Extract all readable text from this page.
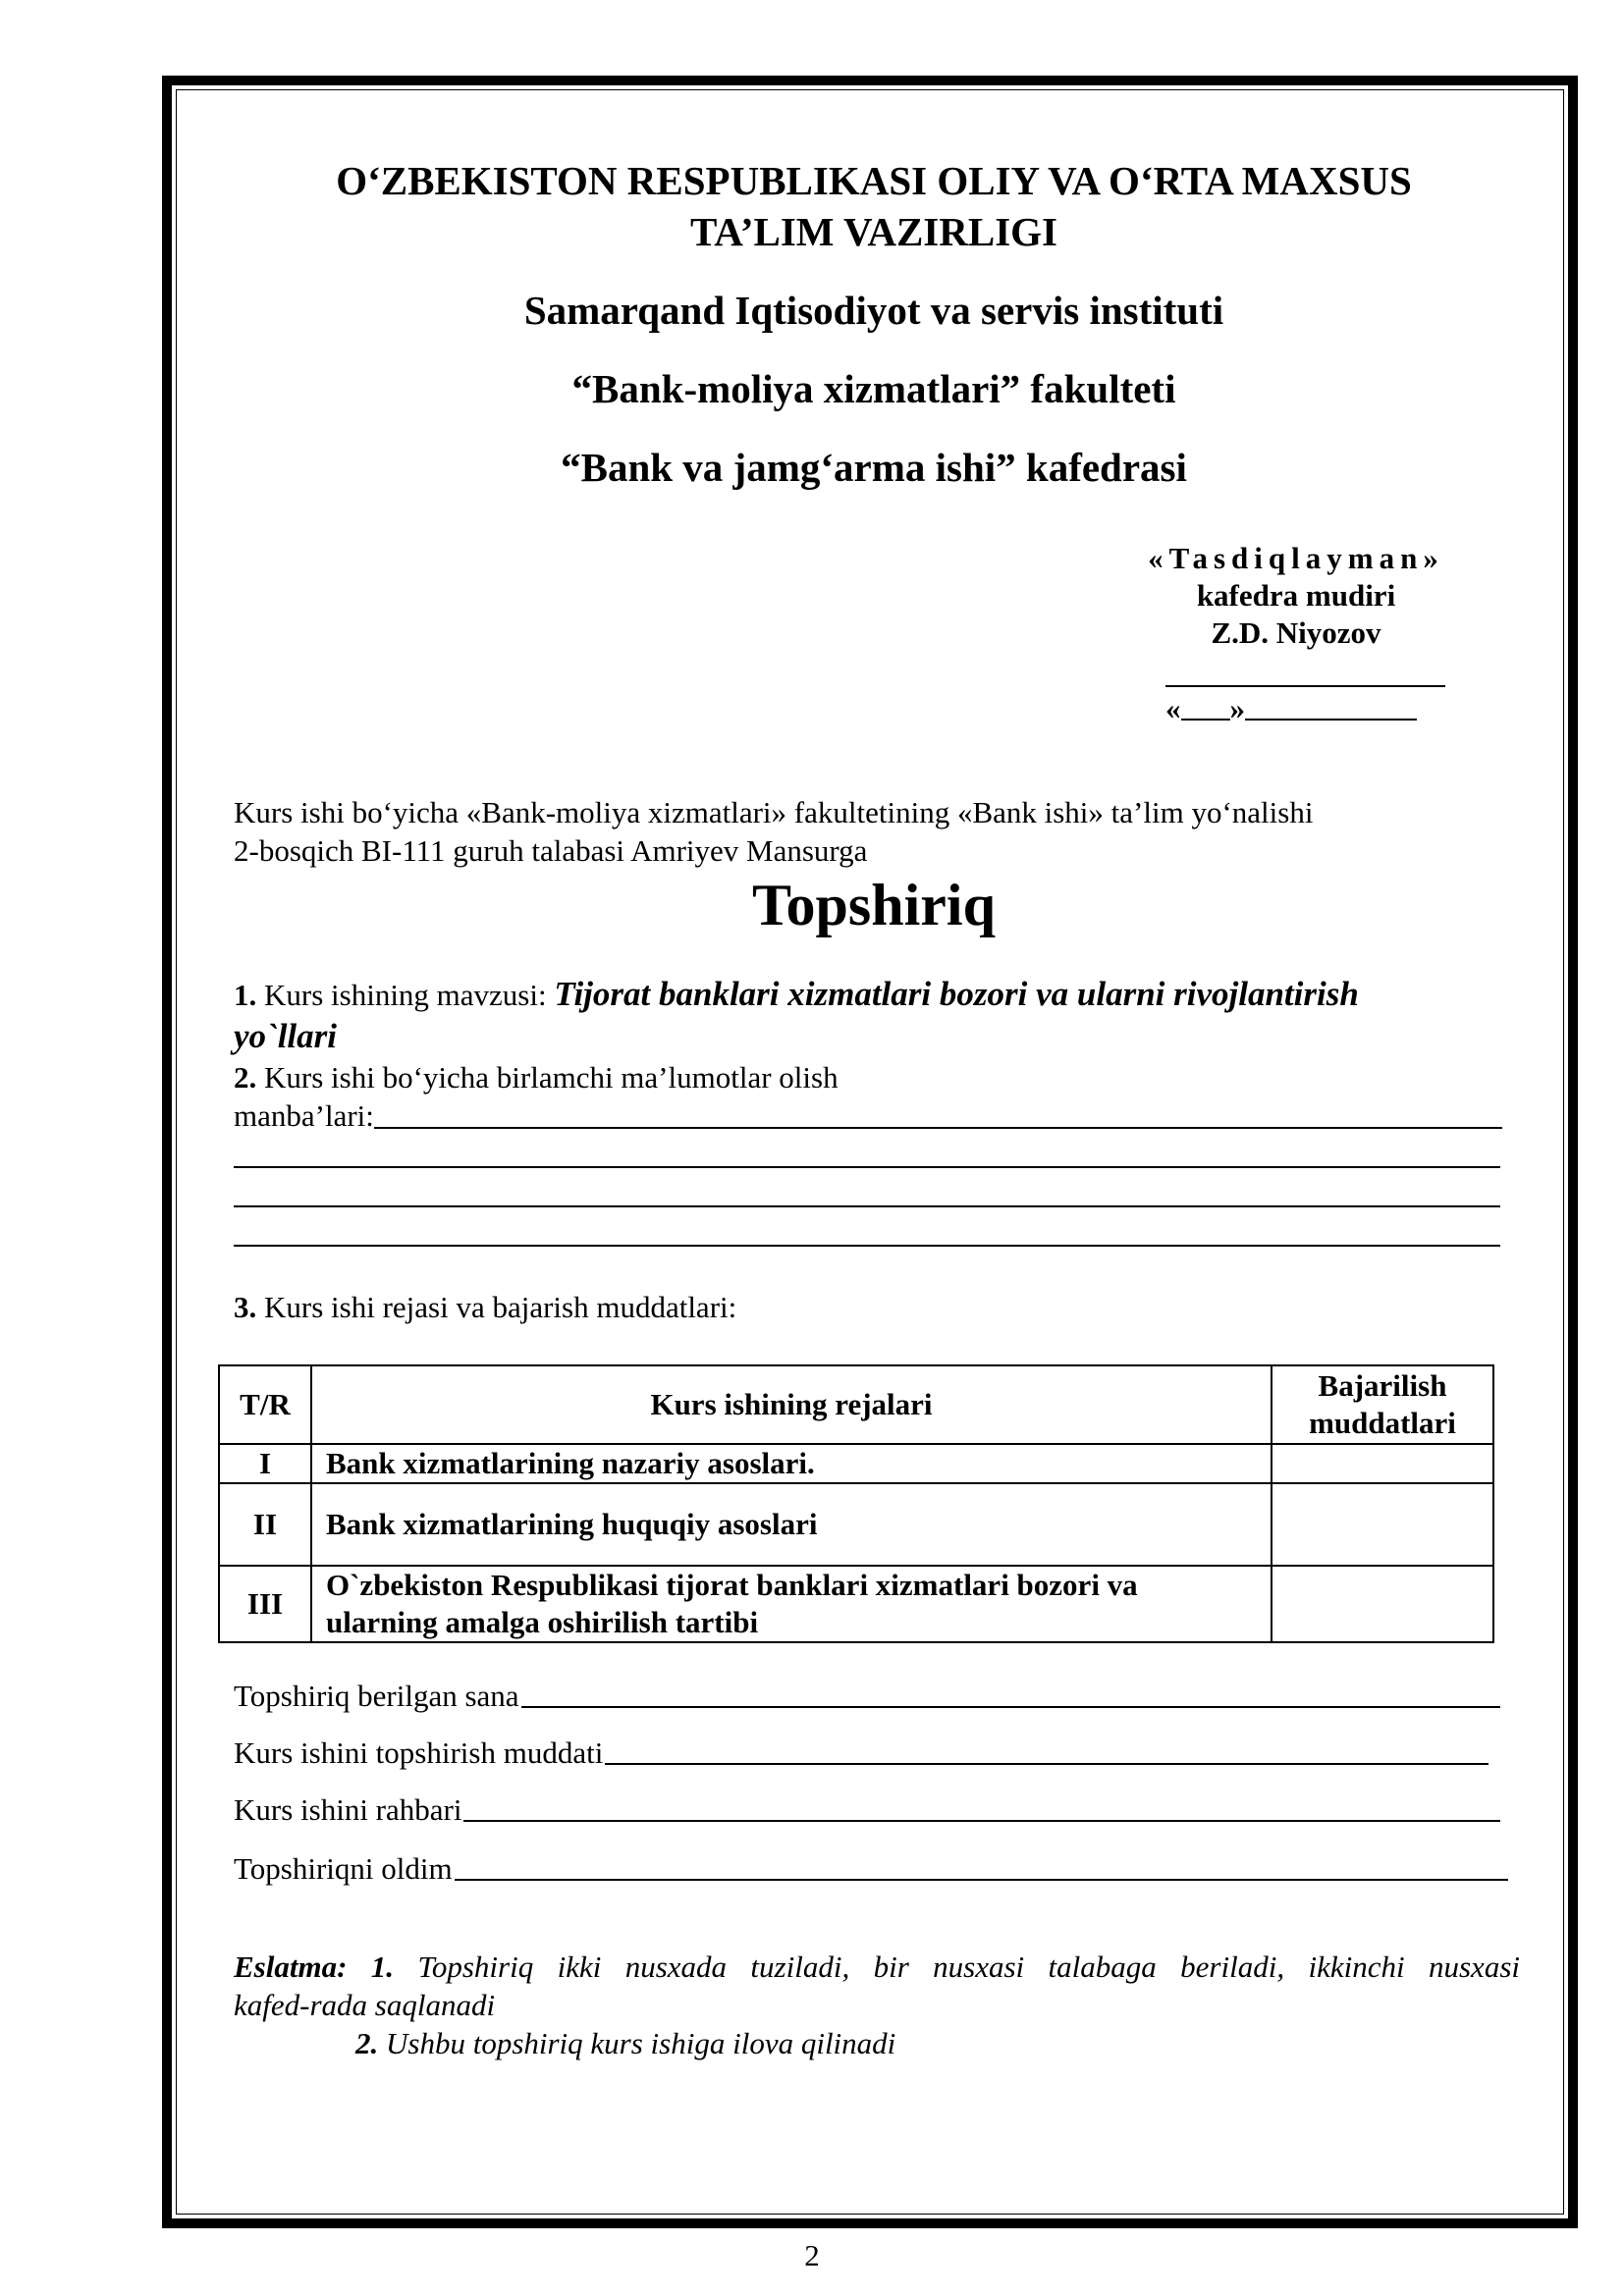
O‘ZBEKISTON RESPUBLIKASI OLIY VA O‘RTA MAXSUS
TA’LIM VAZIRLIGI
Samarqand Iqtisodiyot va servis instituti
“Bank-moliya xizmatlari” fakulteti
“Bank va jamg‘arma ishi” kafedrasi
«Tasdiqlayman»
kafedra mudiri
Z.D. Niyozov
« »
Kurs ishi bo‘yicha «Bank-moliya xizmatlari» fakultetining «Bank ishi» ta’lim yo‘nalishi
2-bosqich BI-111 guruh talabasi Amriyev Mansurga
Topshiriq
1. Kurs ishining mavzusi: Tijorat banklari xizmatlari bozori va ularni rivojlantirish
yo`llari
2. Kurs ishi bo‘yicha birlamchi ma’lumotlar olish
manba’lari:
3. Kurs ishi rejasi va bajarish muddatlari:
T/R	Kurs ishining rejalari	Bajarilish
muddatlari

I	Bank xizmatlarining nazariy asoslari.	
II	Bank xizmatlarining huquqiy asoslari	
III	O`zbekiston Respublikasi tijorat banklari xizmatlari bozori va
ularning amalga oshirilish tartibi	

Topshiriq berilgan sana
Kurs ishini topshirish muddati
Kurs ishini rahbari
Topshiriqni oldim
Eslatma: 1. Topshiriq ikki nusxada tuziladi, bir nusxasi talabaga beriladi, ikkinchi nusxasi
kafed-rada saqlanadi
2. Ushbu topshiriq kurs ishiga ilova qilinadi
2
